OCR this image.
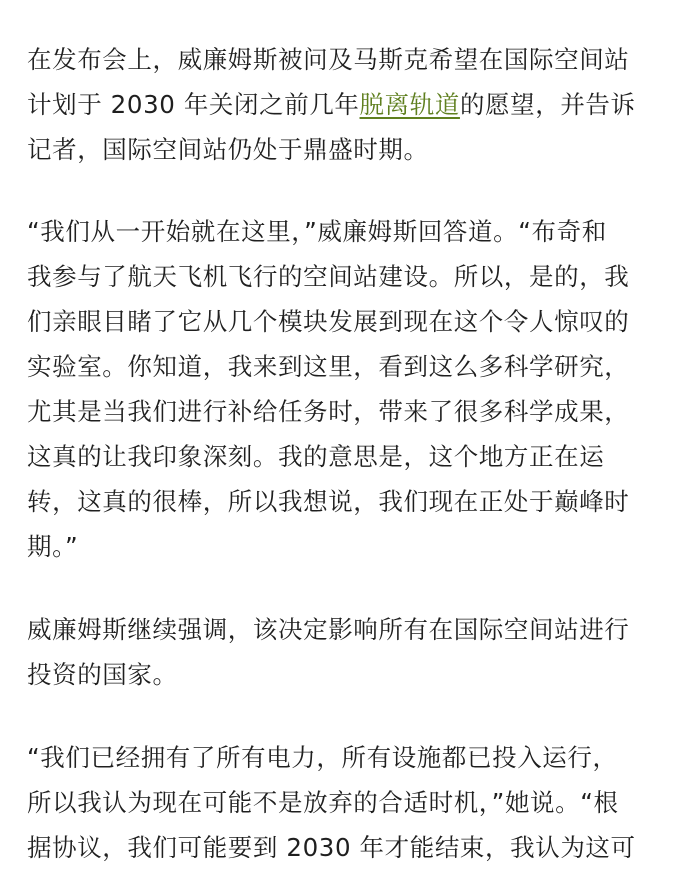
在发布会上，威廉姆斯被问及马斯克希望在国际空间站
计划于 2030 年关闭之前几年脱离轨道的愿望，并告诉
记者，国际空间站仍处于鼎盛时期。
“我们从一开始就在这里，”威廉姆斯回答道。“布奇和
我参与了航天飞机飞行的空间站建设。所以，是的，我
们亲眼目睹了它从几个模块发展到现在这个令人惊叹的
实验室。你知道，我来到这里，看到这么多科学研究，
尤其是当我们进行补给任务时，带来了很多科学成果，
这真的让我印象深刻。我的意思是，这个地方正在运
转，这真的很棒，所以我想说，我们现在正处于巅峰时
期。”
威廉姆斯继续强调，该决定影响所有在国际空间站进行
投资的国家。
“我们已经拥有了所有电力，所有设施都已投入运行，
所以我认为现在可能不是放弃的合适时机，”她说。“根
据协议，我们可能要到 2030 年才能结束，我认为这可
